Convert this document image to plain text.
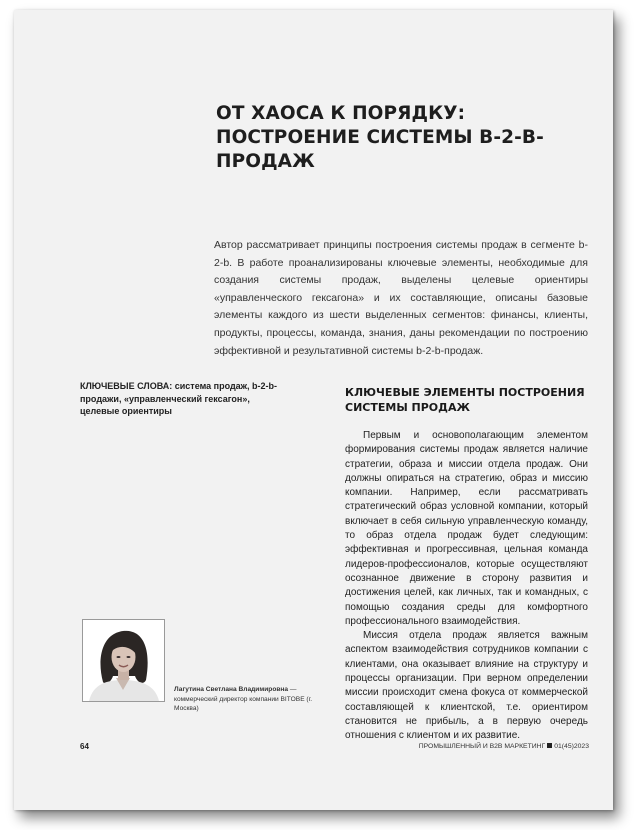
ОТ ХАОСА К ПОРЯДКУ: ПОСТРОЕНИЕ СИСТЕМЫ B-2-B-ПРОДАЖ

Автор рассматривает принципы построения системы продаж в сегменте b-2-b. В работе проанализированы ключевые элементы, необходимые для создания системы продаж, выделены целевые ориентиры «управленческого гексагона» и их составляющие, описаны базовые элементы каждого из шести выделенных сегментов: финансы, клиенты, продукты, процессы, команда, знания, даны рекомендации по построению эффективной и результативной системы b-2-b-продаж.

КЛЮЧЕВЫЕ СЛОВА: система продаж, b-2-b-продажи, «управленческий гексагон», целевые ориентиры

КЛЮЧЕВЫЕ ЭЛЕМЕНТЫ ПОСТРОЕНИЯ СИСТЕМЫ ПРОДАЖ

Первым и основополагающим элементом формирования системы продаж является наличие стратегии, образа и миссии отдела продаж. Они должны опираться на стратегию, образ и миссию компании. Например, если рассматривать стратегический образ условной компании, который включает в себя сильную управленческую команду, то образ отдела продаж будет следующим: эффективная и прогрессивная, цельная команда лидеров-профессионалов, которые осуществляют осознанное движение в сторону развития и достижения целей, как личных, так и командных, с помощью создания среды для комфортного профессионального взаимодействия.

Миссия отдела продаж является важным аспектом взаимодействия сотрудников компании с клиентами, она оказывает влияние на структуру и процессы организации. При верном определении миссии происходит смена фокуса от коммерческой составляющей к клиентской, т.е. ориентиром становится не прибыль, а в первую очередь отношения с клиентом и их развитие.

Лагутина Светлана Владимировна — коммерческий директор компании BITOBE (г. Москва)

64	ПРОМЫШЛЕННЫЙ И B2B МАРКЕТИНГ 01(45)2023
